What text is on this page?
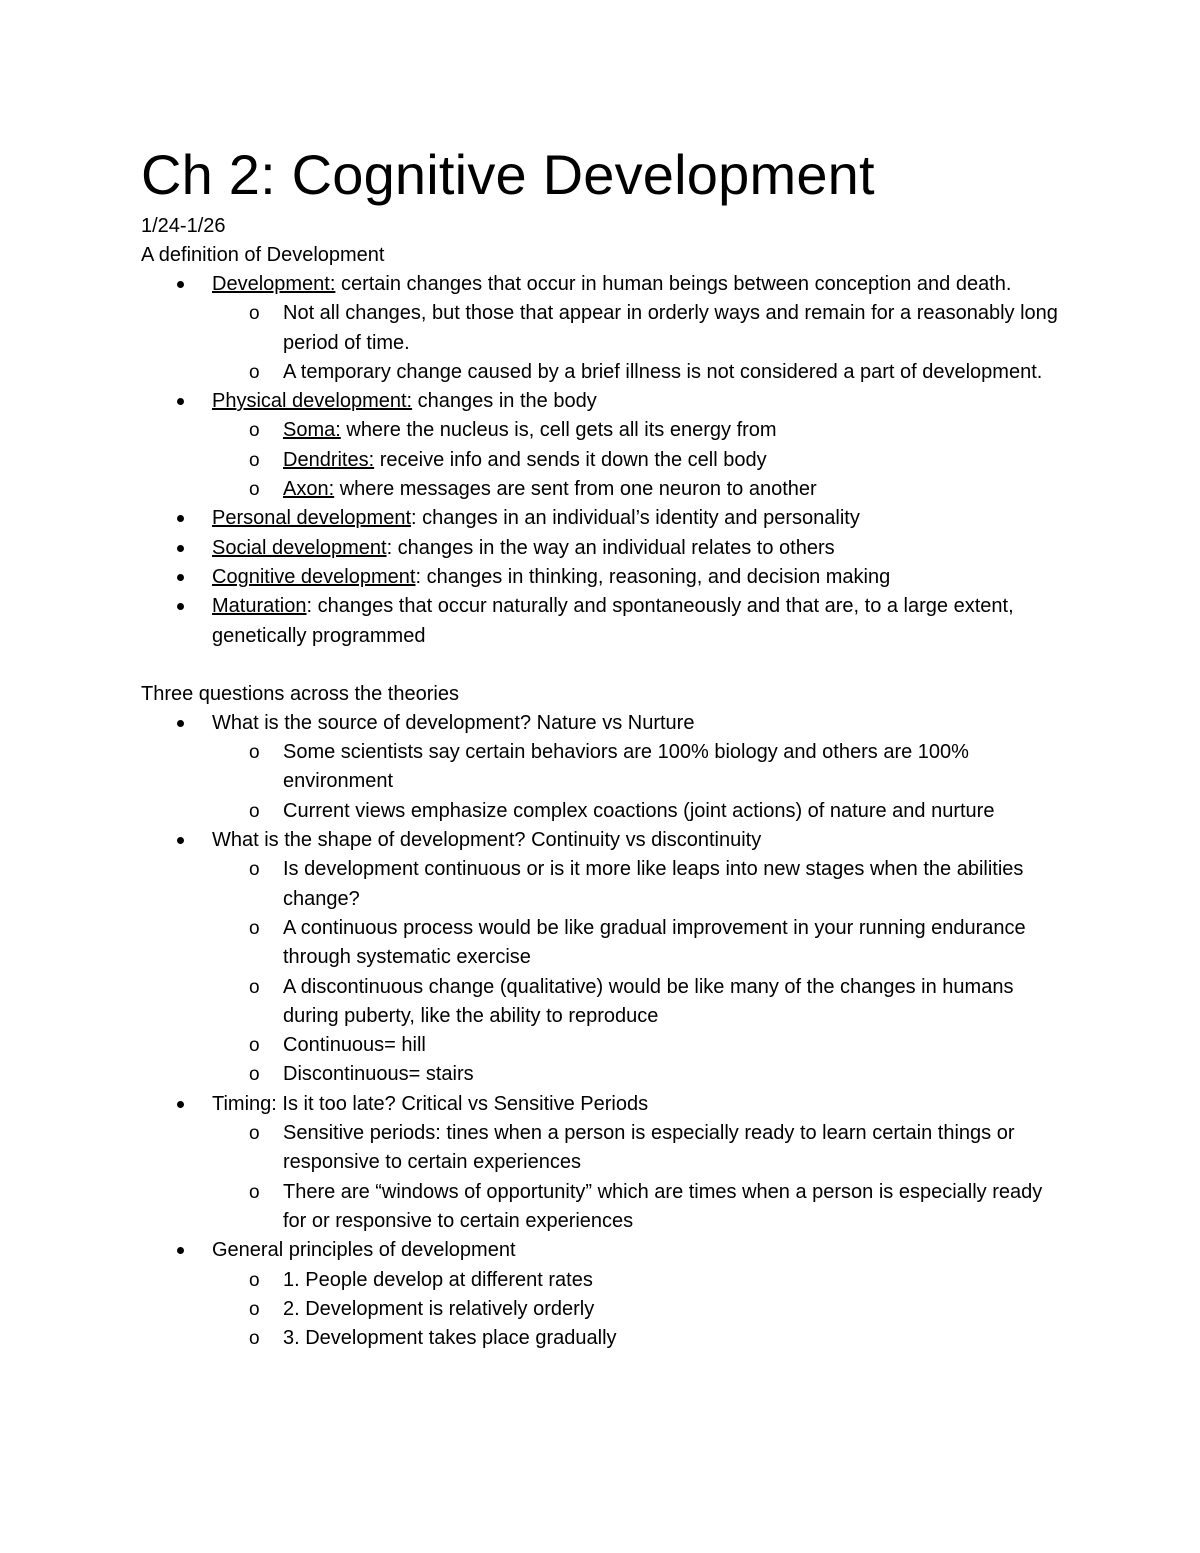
Ch 2: Cognitive Development
1/24-1/26
A definition of Development
Development: certain changes that occur in human beings between conception and death.
o Not all changes, but those that appear in orderly ways and remain for a reasonably long period of time.
o A temporary change caused by a brief illness is not considered a part of development.
Physical development: changes in the body
o Soma: where the nucleus is, cell gets all its energy from
o Dendrites: receive info and sends it down the cell body
o Axon: where messages are sent from one neuron to another
Personal development: changes in an individual’s identity and personality
Social development: changes in the way an individual relates to others
Cognitive development: changes in thinking, reasoning, and decision making
Maturation: changes that occur naturally and spontaneously and that are, to a large extent, genetically programmed
Three questions across the theories
What is the source of development? Nature vs Nurture
o Some scientists say certain behaviors are 100% biology and others are 100% environment
o Current views emphasize complex coactions (joint actions) of nature and nurture
What is the shape of development? Continuity vs discontinuity
o Is development continuous or is it more like leaps into new stages when the abilities change?
o A continuous process would be like gradual improvement in your running endurance through systematic exercise
o A discontinuous change (qualitative) would be like many of the changes in humans during puberty, like the ability to reproduce
o Continuous= hill
o Discontinuous= stairs
Timing: Is it too late? Critical vs Sensitive Periods
o Sensitive periods: tines when a person is especially ready to learn certain things or responsive to certain experiences
o There are “windows of opportunity” which are times when a person is especially ready for or responsive to certain experiences
General principles of development
o 1. People develop at different rates
o 2. Development is relatively orderly
o 3. Development takes place gradually
